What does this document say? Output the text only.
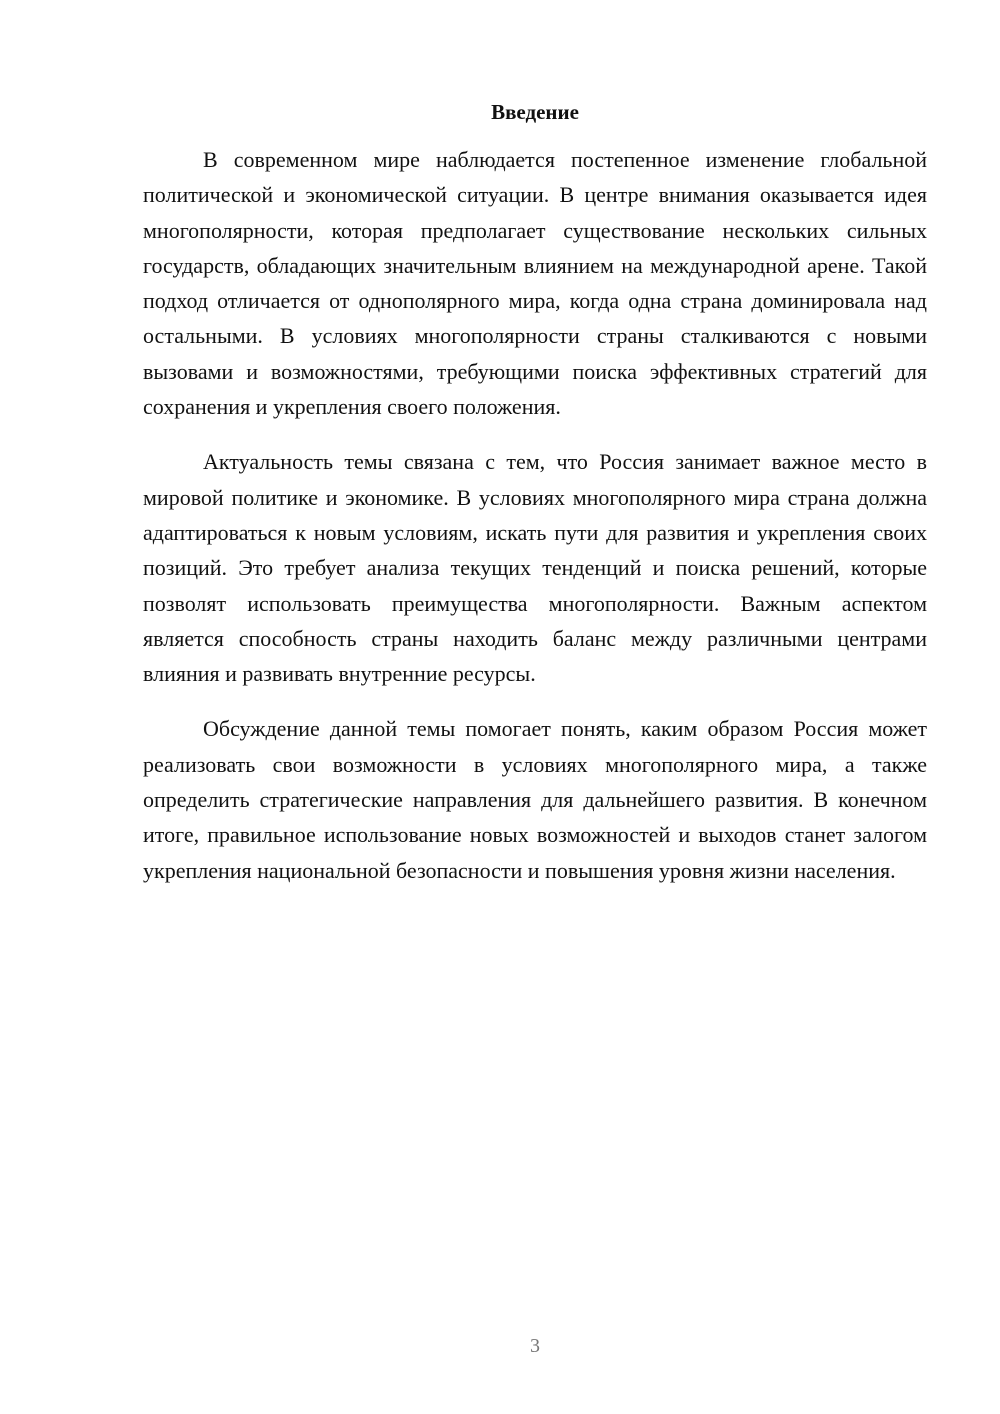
Введение

В современном мире наблюдается постепенное изменение глобальной политической и экономической ситуации. В центре внимания оказывается идея многополярности, которая предполагает существование нескольких сильных государств, обладающих значительным влиянием на международной арене. Такой подход отличается от однополярного мира, когда одна страна доминировала над остальными. В условиях многополярности страны сталкиваются с новыми вызовами и возможностями, требующими поиска эффективных стратегий для сохранения и укрепления своего положения.

Актуальность темы связана с тем, что Россия занимает важное место в мировой политике и экономике. В условиях многополярного мира страна должна адаптироваться к новым условиям, искать пути для развития и укрепления своих позиций. Это требует анализа текущих тенденций и поиска решений, которые позволят использовать преимущества многополярности. Важным аспектом является способность страны находить баланс между различными центрами влияния и развивать внутренние ресурсы.

Обсуждение данной темы помогает понять, каким образом Россия может реализовать свои возможности в условиях многополярного мира, а также определить стратегические направления для дальнейшего развития. В конечном итоге, правильное использование новых возможностей и выходов станет залогом укрепления национальной безопасности и повышения уровня жизни населения.

3
